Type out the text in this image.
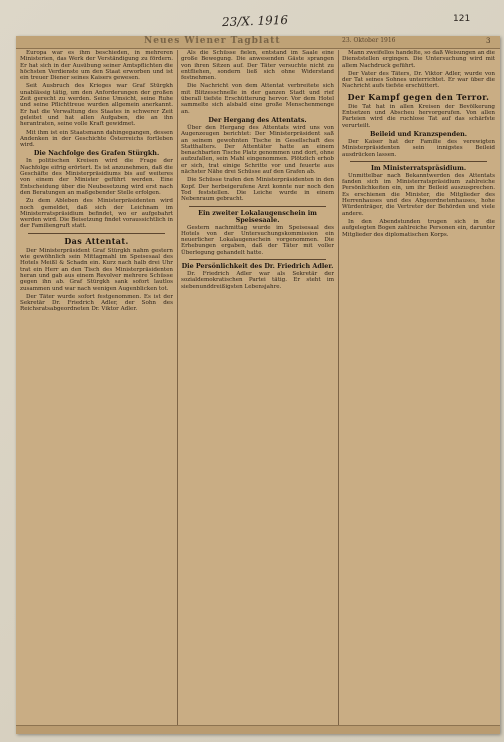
Neues Wiener Tagblatt	23. Oktober 1916	3

Europa war es ihm beschieden, in mehreren Ministerien, das Werk der Verständigung zu fördern. Er hat sich in der Ausübung seiner Amtspflichten die höchsten Verdienste um den Staat erworben und ist ein treuer Diener seines Kaisers gewesen.

Seit Ausbruch des Krieges war Graf Stürgkh unablässig tätig, um den Anforderungen der großen Zeit gerecht zu werden. Seine Umsicht, seine Ruhe und seine Pflichttreue wurden allgemein anerkannt. Er hat die Verwaltung des Staates in schwerer Zeit geleitet und hat allen Aufgaben, die an ihn herantraten, seine volle Kraft gewidmet.

Mit ihm ist ein Staatsmann dahingegangen, dessen Andenken in der Geschichte Österreichs fortleben wird.

Die Nachfolge des Grafen Stürgkh.

In politischen Kreisen wird die Frage der Nachfolge eifrig erörtert. Es ist anzunehmen, daß die Geschäfte des Ministerpräsidiums bis auf weiteres von einem der Minister geführt werden. Eine Entscheidung über die Neubesetzung wird erst nach den Beratungen an maßgebender Stelle erfolgen.

Zu dem Ableben des Ministerpräsidenten wird noch gemeldet, daß sich der Leichnam im Ministerratspräsidium befindet, wo er aufgebahrt werden wird. Die Beisetzung findet voraussichtlich in der Familiengruft statt.

Das Attentat.

Der Ministerpräsident Graf Stürgkh nahm gestern wie gewöhnlich sein Mittagmahl im Speisesaal des Hotels Meißl & Schadn ein. Kurz nach halb drei Uhr trat ein Herr an den Tisch des Ministerpräsidenten heran und gab aus einem Revolver mehrere Schüsse gegen ihn ab. Graf Stürgkh sank sofort lautlos zusammen und war nach wenigen Augenblicken tot.

Der Täter wurde sofort festgenommen. Es ist der Sekretär Dr. Friedrich Adler, der Sohn des Reichsratsabgeordneten Dr. Viktor Adler.

Als die Schüsse fielen, entstand im Saale eine große Bewegung. Die anwesenden Gäste sprangen von ihren Sitzen auf. Der Täter versuchte nicht zu entfliehen, sondern ließ sich ohne Widerstand festnehmen.

Die Nachricht von dem Attentat verbreitete sich mit Blitzesschnelle in der ganzen Stadt und rief überall tiefste Erschütterung hervor. Vor dem Hotel sammelte sich alsbald eine große Menschenmenge an.

Der Hergang des Attentats.

Über den Hergang des Attentats wird uns von Augenzeugen berichtet: Der Ministerpräsident saß an seinem gewohnten Tische in Gesellschaft des Statthalters. Der Attentäter hatte an einem benachbarten Tische Platz genommen und dort, ohne aufzufallen, sein Mahl eingenommen. Plötzlich erhob er sich, trat einige Schritte vor und feuerte aus nächster Nähe drei Schüsse auf den Grafen ab.

Die Schüsse trafen den Ministerpräsidenten in den Kopf. Der herbeigerufene Arzt konnte nur noch den Tod feststellen. Die Leiche wurde in einem Nebenraum gebracht.

Ein zweiter Lokalaugenschein im Speisesaale.

Gestern nachmittag wurde im Speisesaal des Hotels von der Untersuchungskommission ein neuerlicher Lokalaugenschein vorgenommen. Die Erhebungen ergaben, daß der Täter mit voller Überlegung gehandelt hatte.

Die Persönlichkeit des Dr. Friedrich Adler.

Dr. Friedrich Adler war als Sekretär der sozialdemokratischen Partei tätig. Er steht im siebenunddreißigsten Lebensjahre.

Mann zweifellos handelte, so daß Weisungen an die Dienststellen ergingen. Die Untersuchung wird mit allem Nachdruck geführt.

Der Vater des Täters, Dr. Viktor Adler, wurde von der Tat seines Sohnes unterrichtet. Er war über die Nachricht aufs tiefste erschüttert.

Der Kampf gegen den Terror.

Die Tat hat in allen Kreisen der Bevölkerung Entsetzen und Abscheu hervorgerufen. Von allen Parteien wird die ruchlose Tat auf das schärfste verurteilt.

Beileid und Kranzspenden.

Der Kaiser hat der Familie des verewigten Ministerpräsidenten sein innigstes Beileid ausdrücken lassen.

Im Ministerratspräsidium.

Unmittelbar nach Bekanntwerden des Attentats fanden sich im Ministerratspräsidium zahlreiche Persönlichkeiten ein, um ihr Beileid auszusprechen. Es erschienen die Minister, die Mitglieder des Herrenhauses und des Abgeordnetenhauses, hohe Würdenträger, die Vertreter der Behörden und viele andere.

In den Abendstunden trugen sich in die aufgelegten Bogen zahlreiche Personen ein, darunter Mitglieder des diplomatischen Korps.

23/X. 1916	121
